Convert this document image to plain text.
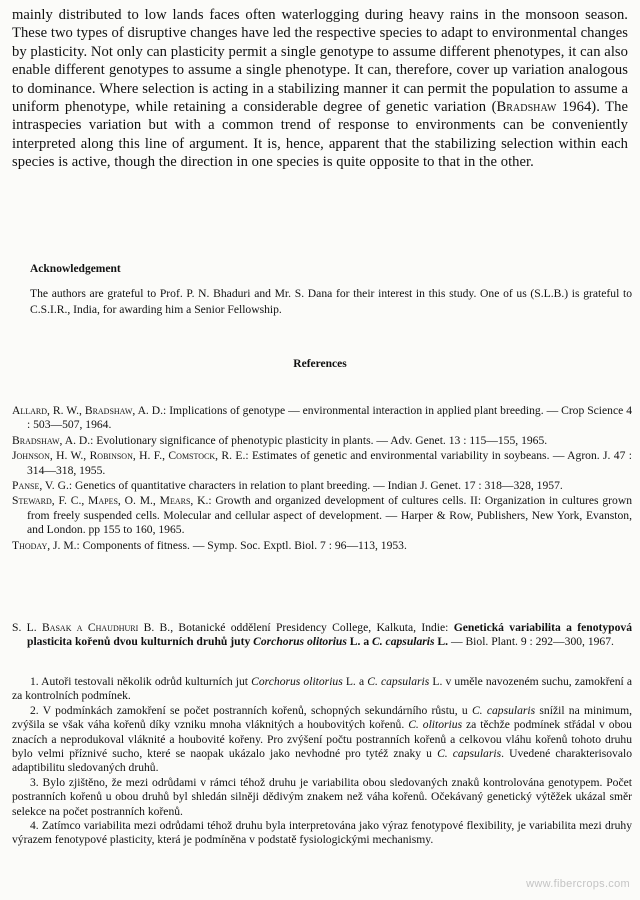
mainly distributed to low lands faces often waterlogging during heavy rains in the monsoon season. These two types of disruptive changes have led the respective species to adapt to environmental changes by plasticity. Not only can plasticity permit a single genotype to assume different phenotypes, it can also enable different genotypes to assume a single phenotype. It can, therefore, cover up variation analogous to dominance. Where selection is acting in a stabilizing manner it can permit the population to assume a uniform phenotype, while retaining a considerable degree of genetic variation (Bradshaw 1964). The intraspecies variation but with a common trend of response to environments can be conveniently interpreted along this line of argument. It is, hence, apparent that the stabilizing selection within each species is active, though the direction in one species is quite opposite to that in the other.
Acknowledgement
The authors are grateful to Prof. P. N. Bhaduri and Mr. S. Dana for their interest in this study. One of us (S.L.B.) is grateful to C.S.I.R., India, for awarding him a Senior Fellowship.
References
Allard, R. W., Bradshaw, A. D.: Implications of genotype — environmental interaction in applied plant breeding. — Crop Science 4 : 503—507, 1964.
Bradshaw, A. D.: Evolutionary significance of phenotypic plasticity in plants. — Adv. Genet. 13 : 115—155, 1965.
Johnson, H. W., Robinson, H. F., Comstock, R. E.: Estimates of genetic and environmental variability in soybeans. — Agron. J. 47 : 314—318, 1955.
Panse, V. G.: Genetics of quantitative characters in relation to plant breeding. — Indian J. Genet. 17 : 318—328, 1957.
Steward, F. C., Mapes, O. M., Mears, K.: Growth and organized development of cultures cells. II: Organization in cultures grown from freely suspended cells. Molecular and cellular aspect of development. — Harper & Row, Publishers, New York, Evanston, and London. pp 155 to 160, 1965.
Thoday, J. M.: Components of fitness. — Symp. Soc. Exptl. Biol. 7 : 96—113, 1953.
S. L. Basak a Chaudhuri B. B., Botanické oddělení Presidency College, Kalkuta, Indie: Genetická variabilita a fenotypová plasticita kořenů dvou kulturních druhů juty Corchorus olitorius L. a C. capsularis L. — Biol. Plant. 9 : 292—300, 1967.

1. Autoři testovali několik odrůd kulturních jut Corchorus olitorius L. a C. capsularis L. v uměle navozeném suchu, zamokření a za kontrolních podmínek.

2. V podmínkách zamokření se počet postranních kořenů, schopných sekundárního růstu, u C. capsularis snížil na minimum, zvýšila se však váha kořenů díky vzniku mnoha vláknitých a houbovitých kořenů. C. olitorius za těchže podmínek střádal v obou znacích a neprodukoval vláknité a houbovité kořeny. Pro zvýšení počtu postranních kořenů a celkovou vláhu kořenů tohoto druhu bylo velmi příznivé sucho, které se naopak ukázalo jako nevhodné pro tytéž znaky u C. capsularis. Uvedené charakterisovalo adaptibilitu sledovaných druhů.

3. Bylo zjištěno, že mezi odrůdami v rámci téhož druhu je variabilita obou sledovaných znaků kontrolována genotypem. Počet postranních kořenů u obou druhů byl shledán silněji dědivým znakem než váha kořenů. Očekávaný genetický výtěžek ukázal směr selekce na počet postranních kořenů.

4. Zatímco variabilita mezi odrůdami téhož druhu byla interpretována jako výraz fenotypové flexibility, je variabilita mezi druhy výrazem fenotypové plasticity, která je podmíněna v podstatě fysiologickými mechanismy.

www.fibercrops.com
